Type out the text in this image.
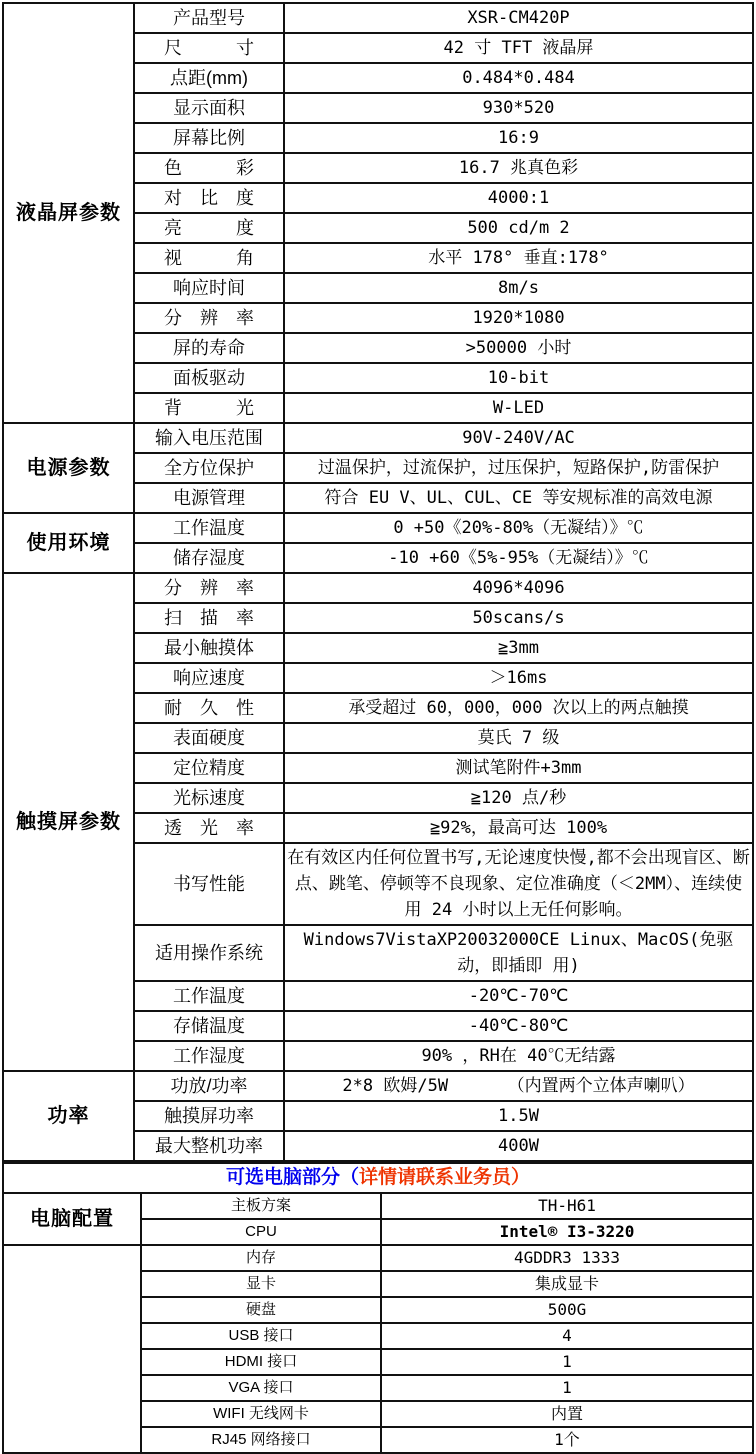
液晶屏参数	产品型号	XSR-CM420P
	尺　　　寸	42 寸 TFT 液晶屏
	点距(mm)	0.484*0.484
	显示面积	930*520
	屏幕比例	16:9
	色　　　彩	16.7 兆真色彩
	对　比　度	4000:1
	亮　　　度	500 cd/m 2
	视　　　角	水平 178° 垂直:178°
	响应时间	8m/s
	分　辨　率	1920*1080
	屏的寿命	>50000 小时
	面板驱动	10-bit
	背　　　光	W-LED
电源参数	输入电压范围	90V-240V/AC
	全方位保护	过温保护，过流保护，过压保护，短路保护,防雷保护
	电源管理	符合 EU V、UL、CUL、CE 等安规标准的高效电源
使用环境	工作温度	0 +50《20%-80%（无凝结）》℃
	储存湿度	-10 +60《5%-95%（无凝结）》℃
触摸屏参数	分　辨　率	4096*4096
	扫　描　率	50scans/s
	最小触摸体	≧3mm
	响应速度	＞16ms
	耐　久　性	承受超过 60，000，000 次以上的两点触摸
	表面硬度	莫氏 7 级
	定位精度	测试笔附件+3mm
	光标速度	≧120 点/秒
	透　光　率	≧92%，最高可达 100%
	书写性能	在有效区内任何位置书写,无论速度快慢,都不会出现盲区、断点、跳笔、停顿等不良现象、定位准确度（＜2MM）、连续使用 24 小时以上无任何影响。
	适用操作系统	Windows7VistaXP20032000CE Linux、MacOS(免驱动，即插即 用)
	工作温度	-20℃-70℃
	存储温度	-40℃-80℃
	工作湿度	90% ，RH在 40℃无结露
功率	功放/功率	2*8 欧姆/5W　　　　（内置两个立体声喇叭）
	触摸屏功率	1.5W
	最大整机功率	400W
可选电脑部分（详情请联系业务员）
电脑配置	主板方案	TH-H61
	CPU	Intel® I3-3220
	内存	4GDDR3 1333
	显卡	集成显卡
	硬盘	500G
	USB 接口	4
	HDMI 接口	1
	VGA 接口	1
	WIFI 无线网卡	内置
	RJ45 网络接口	1个
